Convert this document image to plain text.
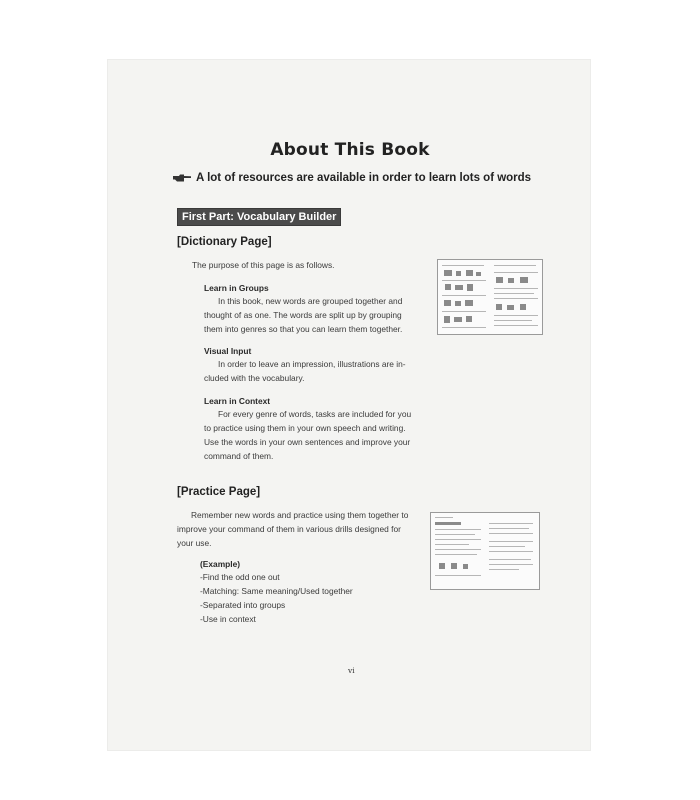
About This Book
A lot of resources are available in order to learn lots of words
First Part: Vocabulary Builder
[Dictionary Page]
The purpose of this page is as follows.
Learn in Groups
In this book, new words are grouped together and
thought of as one. The words are split up by grouping
them into genres so that you can learn them together.
Visual Input
In order to leave an impression, illustrations are in-
cluded with the vocabulary.
Learn in Context
For every genre of words, tasks are included for you
to practice using them in your own speech and writing.
Use the words in your own sentences and improve your
command of them.
[Practice Page]
Remember new words and practice using them together to
improve your command of them in various drills designed for
your use.
(Example)
-Find the odd one out
-Matching: Same meaning/Used together
-Separated into groups
-Use in context
vi
